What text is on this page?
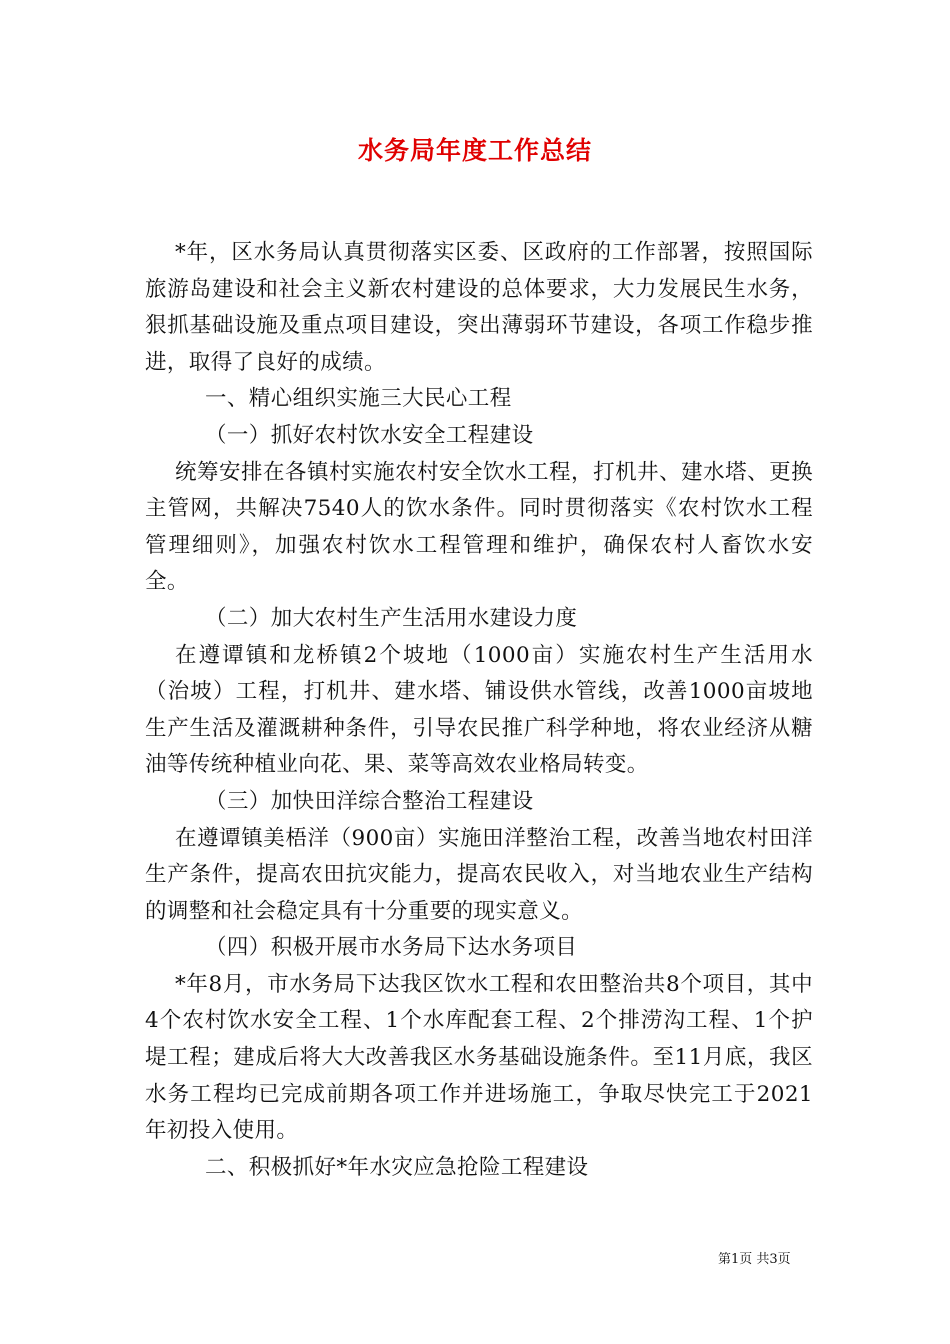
水务局年度工作总结

*年，区水务局认真贯彻落实区委、区政府的工作部署，按照国际旅游岛建设和社会主义新农村建设的总体要求，大力发展民生水务，狠抓基础设施及重点项目建设，突出薄弱环节建设，各项工作稳步推进，取得了良好的成绩。

一、精心组织实施三大民心工程

（一）抓好农村饮水安全工程建设

统筹安排在各镇村实施农村安全饮水工程，打机井、建水塔、更换主管网，共解决7540人的饮水条件。同时贯彻落实《农村饮水工程管理细则》，加强农村饮水工程管理和维护，确保农村人畜饮水安全。

（二）加大农村生产生活用水建设力度

在遵谭镇和龙桥镇2个坡地（1000亩）实施农村生产生活用水（治坡）工程，打机井、建水塔、铺设供水管线，改善1000亩坡地生产生活及灌溉耕种条件，引导农民推广科学种地，将农业经济从糖油等传统种植业向花、果、菜等高效农业格局转变。

（三）加快田洋综合整治工程建设

在遵谭镇美梧洋（900亩）实施田洋整治工程，改善当地农村田洋生产条件，提高农田抗灾能力，提高农民收入，对当地农业生产结构的调整和社会稳定具有十分重要的现实意义。

（四）积极开展市水务局下达水务项目

*年8月，市水务局下达我区饮水工程和农田整治共8个项目，其中4个农村饮水安全工程、1个水库配套工程、2个排涝沟工程、1个护堤工程；建成后将大大改善我区水务基础设施条件。至11月底，我区水务工程均已完成前期各项工作并进场施工，争取尽快完工于2021年初投入使用。

二、积极抓好*年水灾应急抢险工程建设

第1页 共3页
